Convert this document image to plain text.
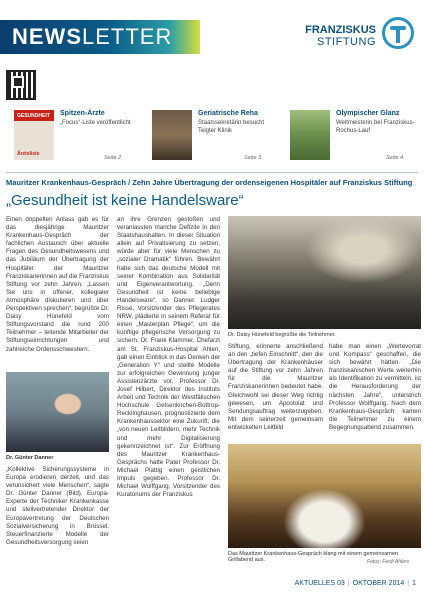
NEWSLETTER	FRANZISKUS
STIFTUNG
GESUNDHEIT
Ärzteliste
Spitzen-Ärzte
„Focus“-Liste veröffentlicht
Seite 2
Geriatrische Reha
Staatssekretärin besucht Telgter Klinik
Seite 3
Olympischer Glanz
Weltmeisterin bei Franziskus-Rochus-Lauf
Seite 4
Mauritzer Krankenhaus-Gespräch / Zehn Jahre Übertragung der ordenseigenen Hospitäler auf Franziskus Stiftung
„Gesundheit ist keine Handelsware“
Einen doppelten Anlass gab es für das diesjährige Mauritzer Krankenhaus-Gespräch der fachlichen Austausch über aktuelle Fragen des Gesundheitswesens und das Jubiläum der Übertragung der Hospitäler der Mauritzer Franziskanerinnen auf die Franziskus Stiftung vor zehn Jahren. „Lassen Sie uns in offener, kollegialer Atmosphäre diskutieren und über Perspektiven sprechen“, begrüßte Dr. Daisy Hünefeld vom Stiftungsvorstand die rund 200 Teilnehmer – leitende Mitarbeiter der Stiftungseinrichtungen und zahlreiche Ordensschwestern.
Dr. Günter Danner
„Kollektive Sicherungssysteme in Europa erodieren derzeit, und das verunsichert viele Menschen“, sagte Dr. Günter Danner (Bild), Europa-Experte der Techniker Krankenkasse und stellvertretender Direktor der Europavertretung der Deutschen Sozialversicherung in Brüssel. Steuerfinanzierte Modelle der Gesundheitsversorgung seien
an ihre Grenzen gestoßen und veranlassten manche Defizite in den Staatshaushalten. In dieser Situation allein auf Privatisierung zu setzen, würde aber für viele Menschen zu „sozialer Dramatik“ führen. Bewährt habe sich das deutsche Modell mit seiner Kombination aus Solidarität und Eigenverantwortung. „Denn Gesundheit ist keine beliebige Handelsware“, so Danner. Ludger Risse, Vorsitzender des Pflegerates NRW, plädierte in seinem Referat für einen „Masterplan Pflege“, um die künftige pflegerische Versorgung zu sichern. Dr. Frank Klammer, Chefarzt am St. Franziskus-Hospital Ahlen, gab einen Einblick in das Denken der „Generation Y“ und stellte Modelle zur erfolgreichen Gewinnung junger Assistenzärzte vor. Professor Dr. Josef Hilbert, Direktor des Instituts Arbeit und Technik der Westfälischen Hochschule Gelsenkirchen-Bottrop-Recklinghausen, prognostizierte dem Krankenhaussektor eine Zukunft, die „von neuen Leitbildern, mehr Technik und mehr Digitalisierung gekennzeichnet ist“. Zur Eröffnung des Mauritzer Krankenhaus-Gesprächs hatte Pater Professor Dr. Michael Plattig einen geistlichen Impuls gegeben. Professor Dr. Michael Wolffgang, Vorsitzender des Kuratoriums der Franziskus
Dr. Daisy Hünefeld begrüßte die Teilnehmer.
Stiftung, erinnerte anschließend an den „tiefen Einschnitt“, den die Übertragung der Krankenhäuser auf die Stiftung vor zehn Jahren für die Mauritzer Franziskanerinnen bedeutet habe. Gleichwohl sei dieser Weg richtig gewesen, um Apostolat und Sendungsauftrag weiterzugeben. Mit dem seinerzeit gemeinsam entwickelten Leitbild
habe man einen „Wertevorrat und Kompass“ geschaffen, die sich bewährt hätten. „Die franziskanischen Werte weiterhin als Identifikation zu vermitteln, ist die Herausforderung der nächsten Jahre“, unterstrich Professor Wolffgang. Nach dem Krankenhaus-Gespräch kamen die Teilnehmer zu einem Begegnungsabend zusammen.
Das Mauritzer Krankenhaus-Gespräch klang mit einem gemeinsamen Grillabend aus.	Fotos: Ferdi Ahlers
AKTUELLES 03 | OKTOBER 2014 | 1
